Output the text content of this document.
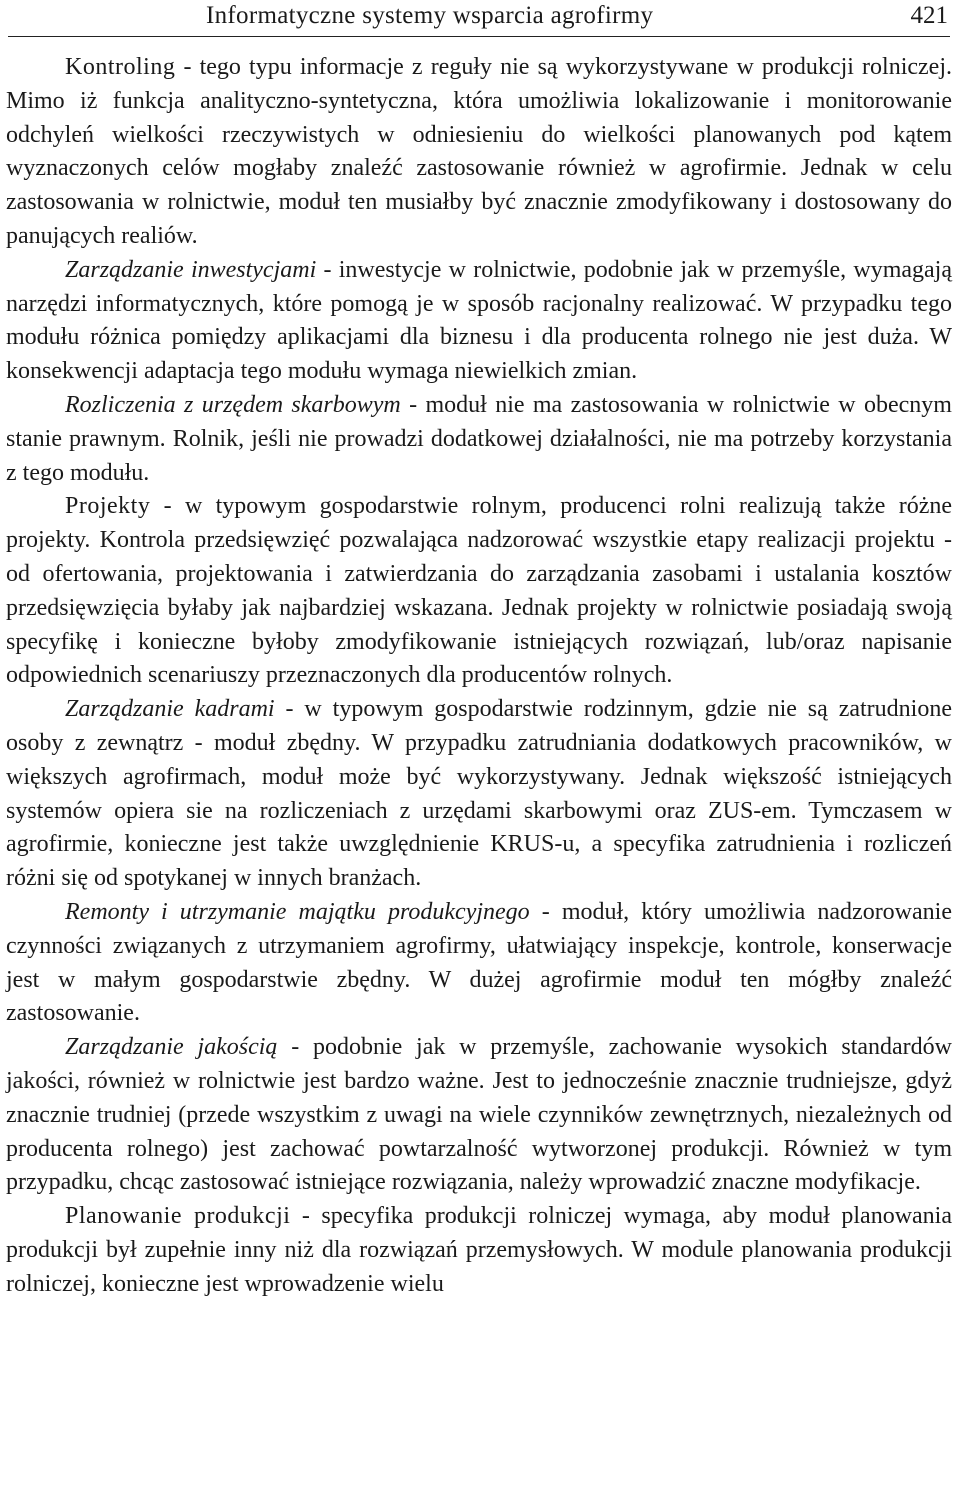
Informatyczne systemy wsparcia agrofirmy	421

Kontroling - tego typu informacje z reguły nie są wykorzystywane w produkcji rolniczej. Mimo iż funkcja analityczno-syntetyczna, która umożliwia lokalizowanie i monitorowanie odchyleń wielkości rzeczywistych w odniesieniu do wielkości planowanych pod kątem wyznaczonych celów mogłaby znaleźć zastosowanie również w agrofirmie. Jednak w celu zastosowania w rolnictwie, moduł ten musiałby być znacznie zmodyfikowany i dostosowany do panujących realiów.

Zarządzanie inwestycjami - inwestycje w rolnictwie, podobnie jak w przemyśle, wymagają narzędzi informatycznych, które pomogą je w sposób racjonalny realizować. W przypadku tego modułu różnica pomiędzy aplikacjami dla biznesu i dla producenta rolnego nie jest duża. W konsekwencji adaptacja tego modułu wymaga niewielkich zmian.

Rozliczenia z urzędem skarbowym - moduł nie ma zastosowania w rolnictwie w obecnym stanie prawnym. Rolnik, jeśli nie prowadzi dodatkowej działalności, nie ma potrzeby korzystania z tego modułu.

Projekty - w typowym gospodarstwie rolnym, producenci rolni realizują także różne projekty. Kontrola przedsięwzięć pozwalająca nadzorować wszystkie etapy realizacji projektu - od ofertowania, projektowania i zatwierdzania do zarządzania zasobami i ustalania kosztów przedsięwzięcia byłaby jak najbardziej wskazana. Jednak projekty w rolnictwie posiadają swoją specyfikę i konieczne byłoby zmodyfikowanie istniejących rozwiązań, lub/oraz napisanie odpowiednich scenariuszy przeznaczonych dla producentów rolnych.

Zarządzanie kadrami - w typowym gospodarstwie rodzinnym, gdzie nie są zatrudnione osoby z zewnątrz - moduł zbędny. W przypadku zatrudniania dodatkowych pracowników, w większych agrofirmach, moduł może być wykorzystywany. Jednak większość istniejących systemów opiera sie na rozliczeniach z urzędami skarbowymi oraz ZUS-em. Tymczasem w agrofirmie, konieczne jest także uwzględnienie KRUS-u, a specyfika zatrudnienia i rozliczeń różni się od spotykanej w innych branżach.

Remonty i utrzymanie majątku produkcyjnego - moduł, który umożliwia nadzorowanie czynności związanych z utrzymaniem agrofirmy, ułatwiający inspekcje, kontrole, konserwacje jest w małym gospodarstwie zbędny. W dużej agrofirmie moduł ten mógłby znaleźć zastosowanie.

Zarządzanie jakością - podobnie jak w przemyśle, zachowanie wysokich standardów jakości, również w rolnictwie jest bardzo ważne. Jest to jednocześnie znacznie trudniejsze, gdyż znacznie trudniej (przede wszystkim z uwagi na wiele czynników zewnętrznych, niezależnych od producenta rolnego) jest zachować powtarzalność wytworzonej produkcji. Również w tym przypadku, chcąc zastosować istniejące rozwiązania, należy wprowadzić znaczne modyfikacje.

Planowanie produkcji - specyfika produkcji rolniczej wymaga, aby moduł planowania produkcji był zupełnie inny niż dla rozwiązań przemysłowych. W module planowania produkcji rolniczej, konieczne jest wprowadzenie wielu
